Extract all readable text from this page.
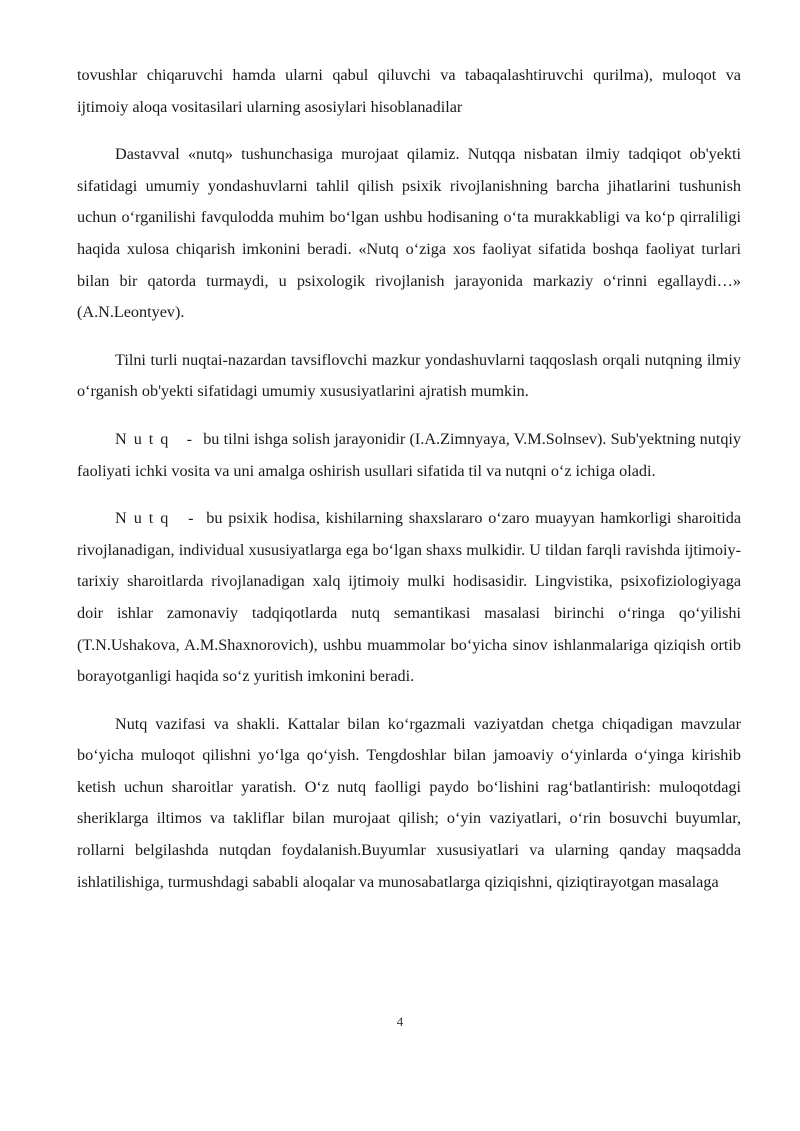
tovushlar chiqaruvchi hamda ularni qabul qiluvchi va tabaqalashtiruvchi qurilma), muloqot va ijtimoiy aloqa vositasilari ularning asosiylari hisoblanadilar

Dastavval «nutq» tushunchasiga murojaat qilamiz. Nutqqa nisbatan ilmiy tadqiqot ob'yekti sifatidagi umumiy yondashuvlarni tahlil qilish psixik rivojlanishning barcha jihatlarini tushunish uchun oʻrganilishi favqulodda muhim boʻlgan ushbu hodisaning oʻta murakkabligi va koʻp qirraliligi haqida xulosa chiqarish imkonini beradi. «Nutq oʻziga xos faoliyat sifatida boshqa faoliyat turlari bilan bir qatorda turmaydi, u psixologik rivojlanish jarayonida markaziy oʻrinni egallaydi…» (A.N.Leontyev).

Tilni turli nuqtai-nazardan tavsiflovchi mazkur yondashuvlarni taqqoslash orqali nutqning ilmiy oʻrganish ob'yekti sifatidagi umumiy xususiyatlarini ajratish mumkin.

Nutq - bu tilni ishga solish jarayonidir (I.A.Zimnyaya, V.M.Solnsev). Sub'yektning nutqiy faoliyati ichki vosita va uni amalga oshirish usullari sifatida til va nutqni oʻz ichiga oladi.

Nutq - bu psixik hodisa, kishilarning shaxslararo oʻzaro muayyan hamkorligi sharoitida rivojlanadigan, individual xususiyatlarga ega boʻlgan shaxs mulkidir. U tildan farqli ravishda ijtimoiy-tarixiy sharoitlarda rivojlanadigan xalq ijtimoiy mulki hodisasidir. Lingvistika, psixofiziologiyaga doir ishlar zamonaviy tadqiqotlarda nutq semantikasi masalasi birinchi oʻringa qoʻyilishi (T.N.Ushakova, A.M.Shaxnorovich), ushbu muammolar boʻyicha sinov ishlanmalariga qiziqish ortib borayotganligi haqida soʻz yuritish imkonini beradi.

Nutq vazifasi va shakli. Kattalar bilan koʻrgazmali vaziyatdan chetga chiqadigan mavzular boʻyicha muloqot qilishni yoʻlga qoʻyish. Tengdoshlar bilan jamoaviy oʻyinlarda oʻyinga kirishib ketish uchun sharoitlar yaratish. Oʻz nutq faolligi paydo boʻlishini ragʻbatlantirish: muloqotdagi sheriklarga iltimos va takliflar bilan murojaat qilish; oʻyin vaziyatlari, oʻrin bosuvchi buyumlar, rollarni belgilashda nutqdan foydalanish.Buyumlar xususiyatlari va ularning qanday maqsadda ishlatilishiga, turmushdagi sababli aloqalar va munosabatlarga qiziqishni, qiziqtirayotgan masalaga

4
